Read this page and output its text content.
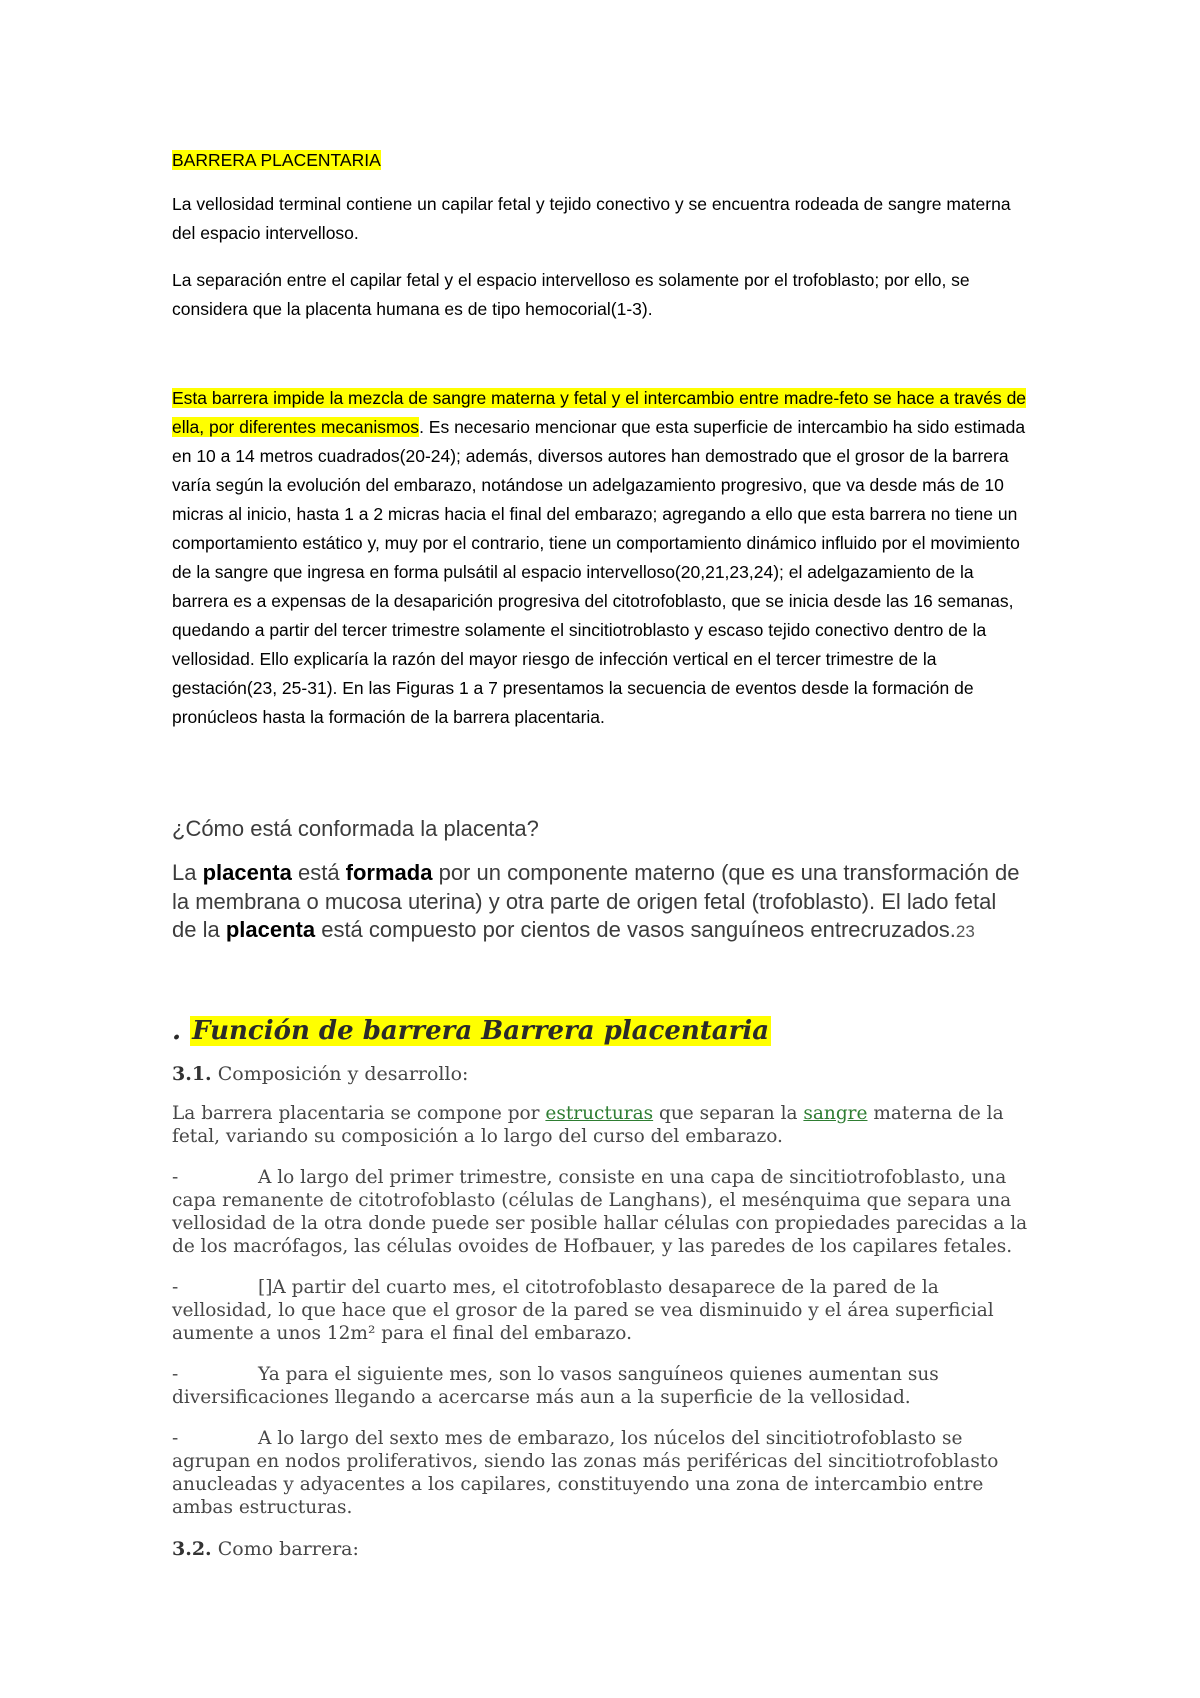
BARRERA PLACENTARIA

La vellosidad terminal contiene un capilar fetal y tejido conectivo y se encuentra rodeada de sangre materna del espacio intervelloso.

La separación entre el capilar fetal y el espacio intervelloso es solamente por el trofoblasto; por ello, se considera que la placenta humana es de tipo hemocorial(1-3).

Esta barrera impide la mezcla de sangre materna y fetal y el intercambio entre madre-feto se hace a través de ella, por diferentes mecanismos. Es necesario mencionar que esta superficie de intercambio ha sido estimada en 10 a 14 metros cuadrados(20-24); además, diversos autores han demostrado que el grosor de la barrera varía según la evolución del embarazo, notándose un adelgazamiento progresivo, que va desde más de 10 micras al inicio, hasta 1 a 2 micras hacia el final del embarazo; agregando a ello que esta barrera no tiene un comportamiento estático y, muy por el contrario, tiene un comportamiento dinámico influido por el movimiento de la sangre que ingresa en forma pulsátil al espacio intervelloso(20,21,23,24); el adelgazamiento de la barrera es a expensas de la desaparición progresiva del citotrofoblasto, que se inicia desde las 16 semanas, quedando a partir del tercer trimestre solamente el sincitiotroblasto y escaso tejido conectivo dentro de la vellosidad. Ello explicaría la razón del mayor riesgo de infección vertical en el tercer trimestre de la gestación(23, 25-31). En las Figuras 1 a 7 presentamos la secuencia de eventos desde la formación de pronúcleos hasta la formación de la barrera placentaria.

¿Cómo está conformada la placenta?

La placenta está formada por un componente materno (que es una transformación de la membrana o mucosa uterina) y otra parte de origen fetal (trofoblasto). El lado fetal de la placenta está compuesto por cientos de vasos sanguíneos entrecruzados.23

. Función de barrera Barrera placentaria

3.1. Composición y desarrollo:

La barrera placentaria se compone por estructuras que separan la sangre materna de la fetal, variando su composición a lo largo del curso del embarazo.

-	A lo largo del primer trimestre, consiste en una capa de sincitiotrofoblasto, una capa remanente de citotrofoblasto (células de Langhans), el mesénquima que separa una vellosidad de la otra donde puede ser posible hallar células con propiedades parecidas a la de los macrófagos, las células ovoides de Hofbauer, y las paredes de los capilares fetales.

-	[]A partir del cuarto mes, el citotrofoblasto desaparece de la pared de la vellosidad, lo que hace que el grosor de la pared se vea disminuido y el área superficial aumente a unos 12m² para el final del embarazo.

-	Ya para el siguiente mes, son lo vasos sanguíneos quienes aumentan sus diversificaciones llegando a acercarse más aun a la superficie de la vellosidad.

-	A lo largo del sexto mes de embarazo, los núcelos del sincitiotrofoblasto se agrupan en nodos proliferativos, siendo las zonas más periféricas del sincitiotrofoblasto anucleadas y adyacentes a los capilares, constituyendo una zona de intercambio entre ambas estructuras.

3.2. Como barrera:
